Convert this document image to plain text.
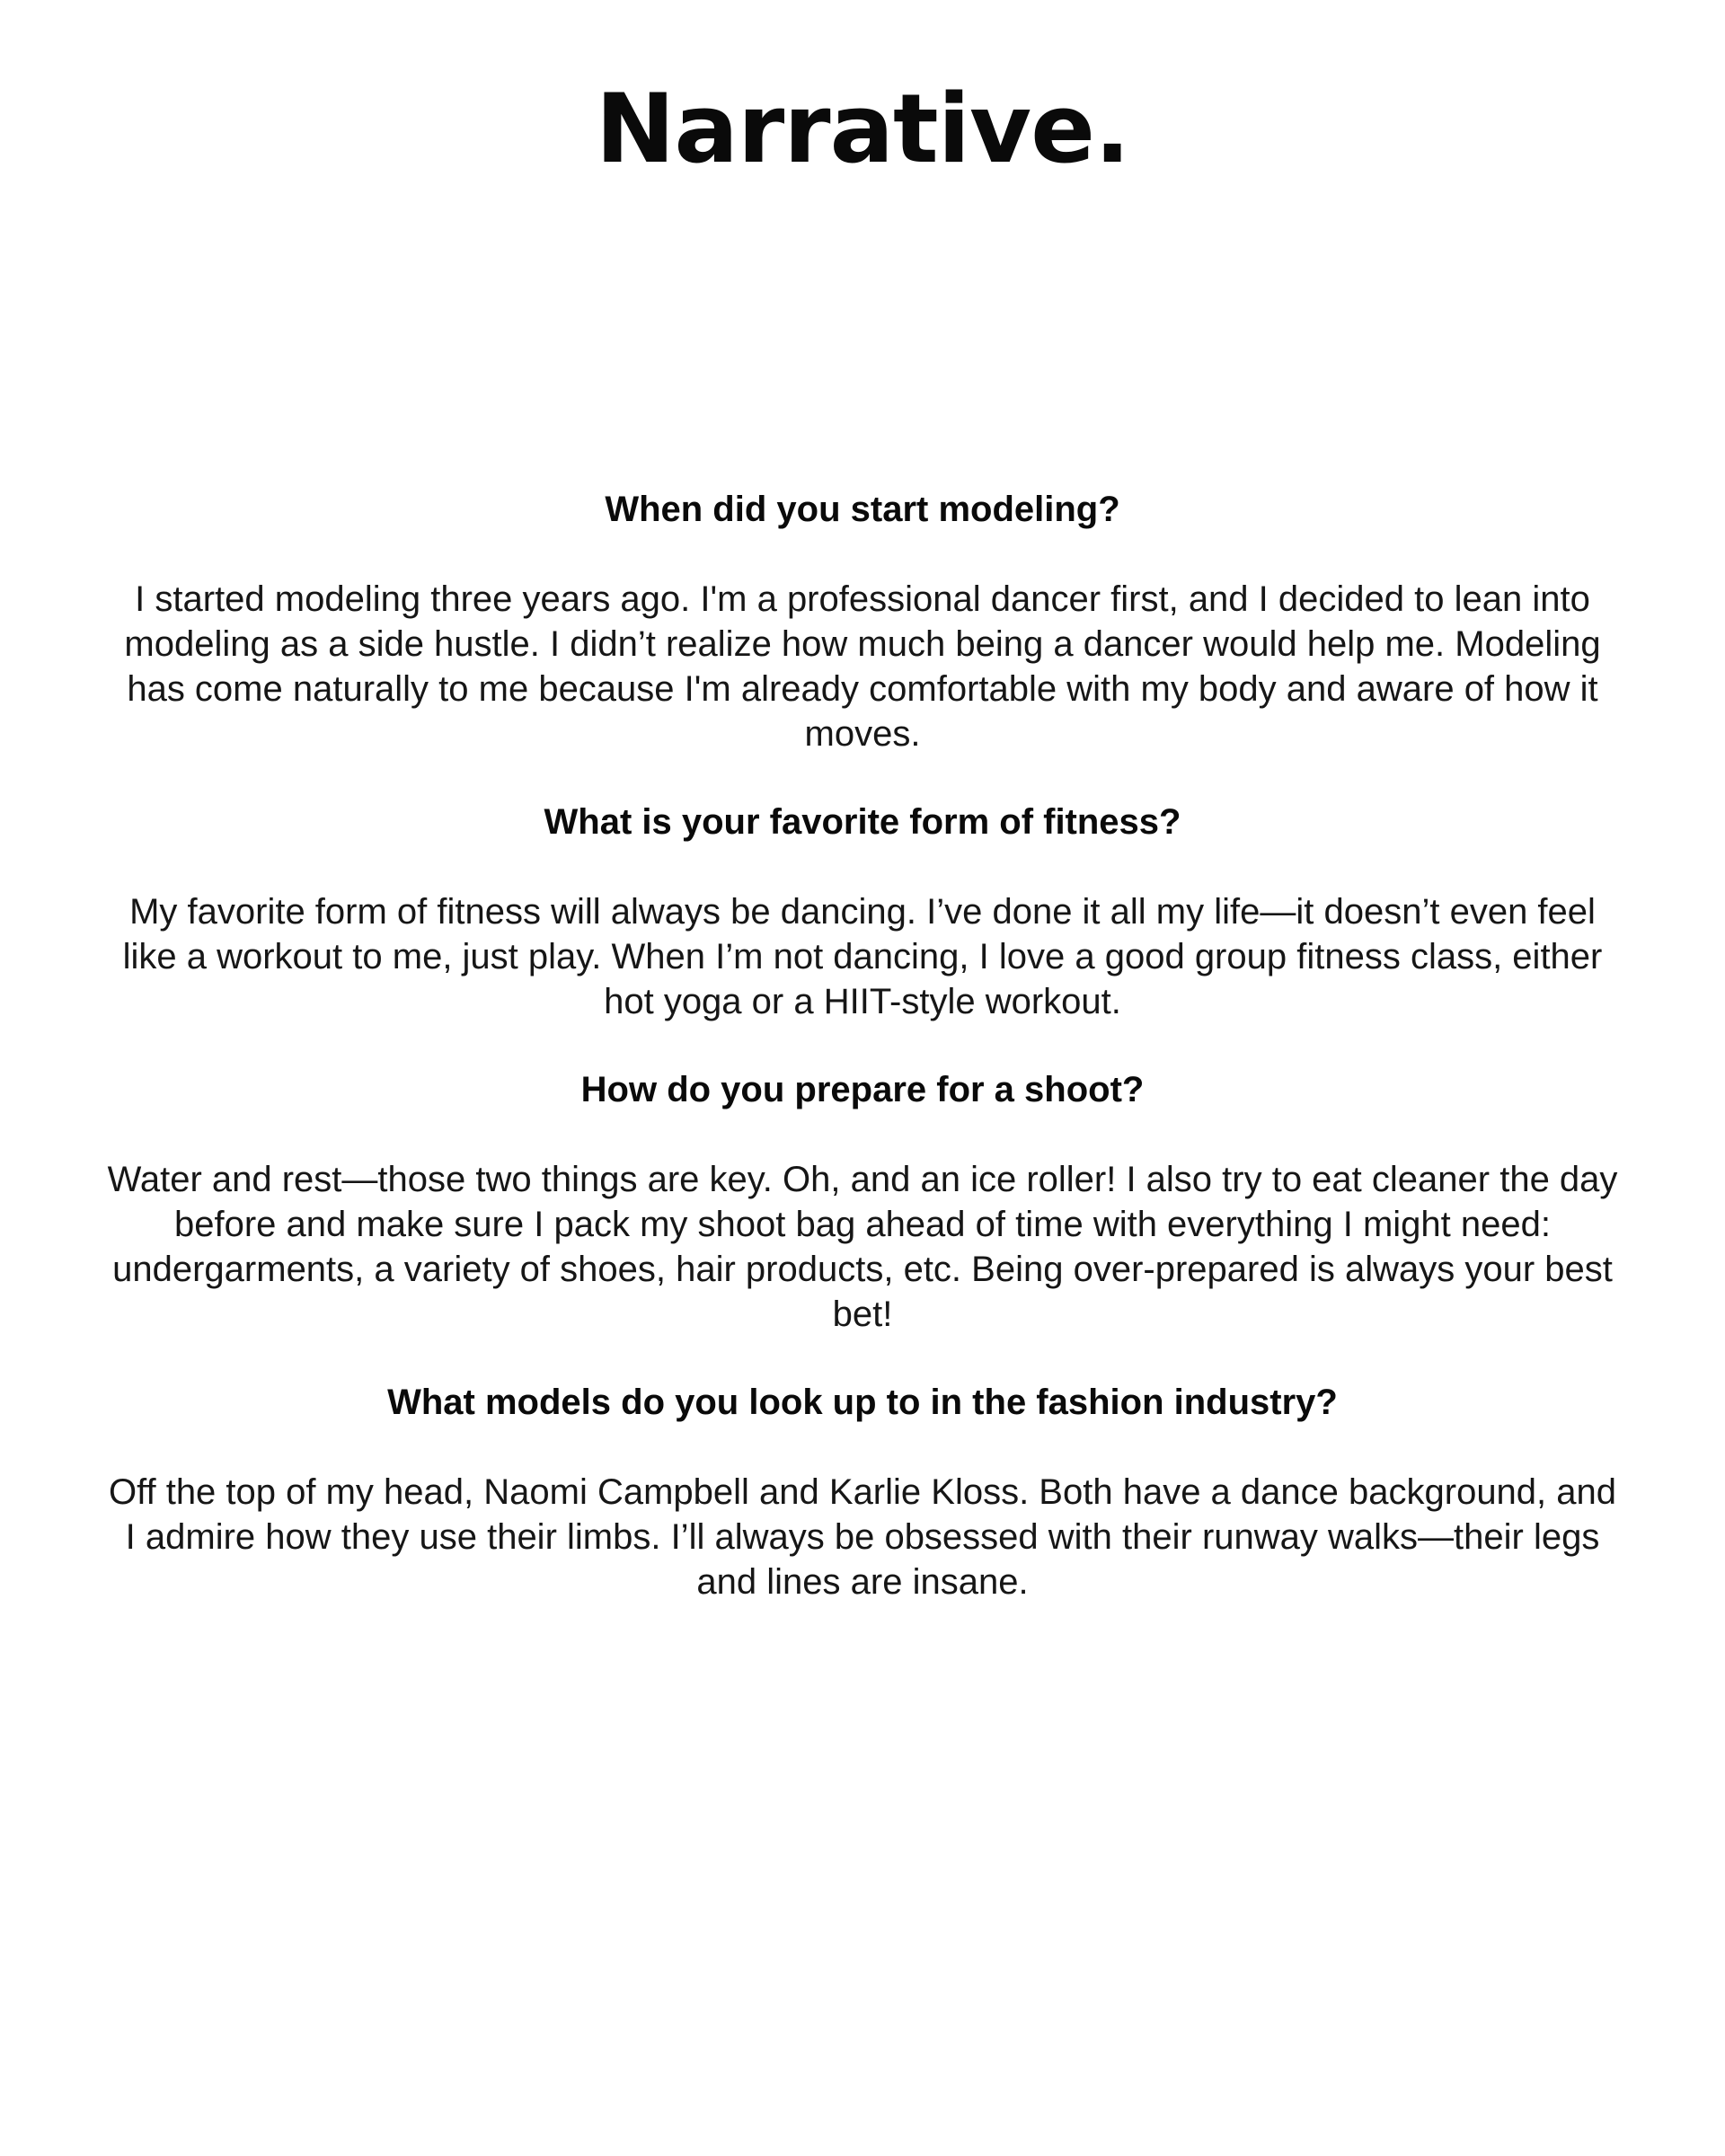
Narrative.
When did you start modeling?

I started modeling three years ago. I'm a professional dancer first, and I decided to lean into modeling as a side hustle. I didn’t realize how much being a dancer would help me. Modeling has come naturally to me because I'm already comfortable with my body and aware of how it moves.

What is your favorite form of fitness?

My favorite form of fitness will always be dancing. I’ve done it all my life—it doesn’t even feel like a workout to me, just play. When I’m not dancing, I love a good group fitness class, either hot yoga or a HIIT-style workout.

How do you prepare for a shoot?

Water and rest—those two things are key. Oh, and an ice roller! I also try to eat cleaner the day before and make sure I pack my shoot bag ahead of time with everything I might need: undergarments, a variety of shoes, hair products, etc. Being over-prepared is always your best bet!

What models do you look up to in the fashion industry?

Off the top of my head, Naomi Campbell and Karlie Kloss. Both have a dance background, and I admire how they use their limbs. I’ll always be obsessed with their runway walks—their legs and lines are insane.
